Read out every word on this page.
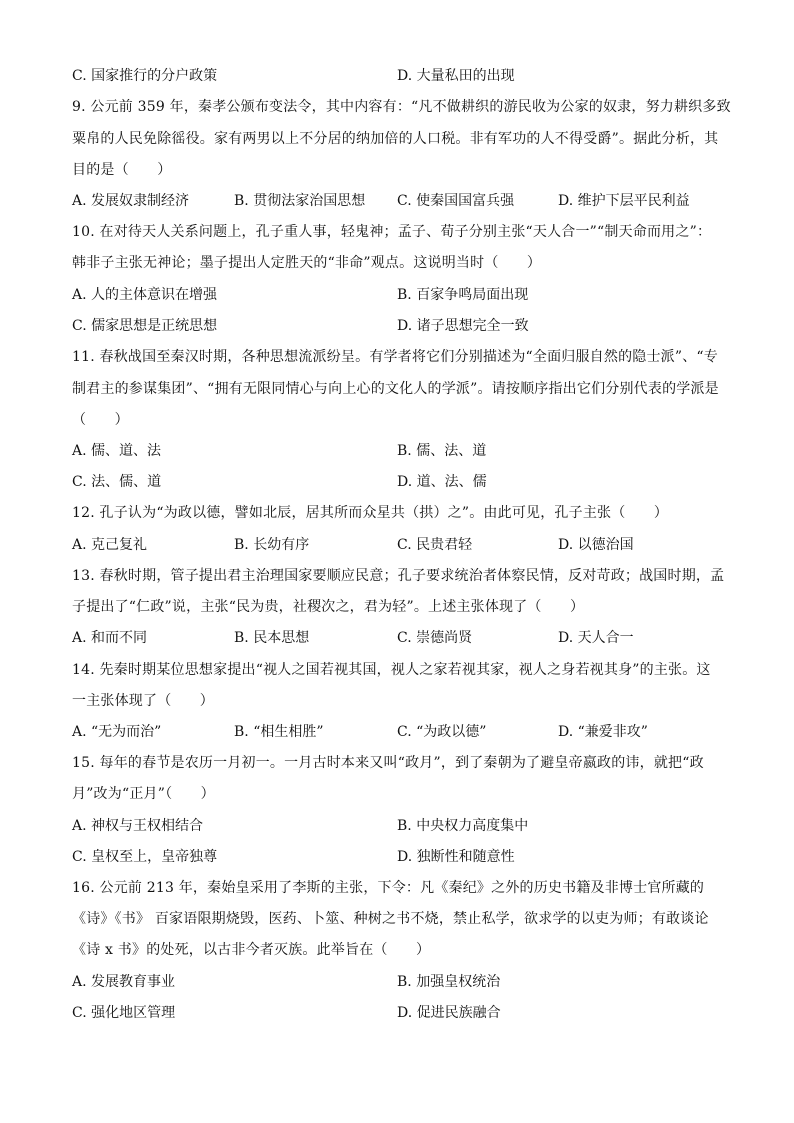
C. 国家推行的分户政策	D. 大量私田的出现
9. 公元前 359 年，秦孝公颁布变法令，其中内容有：“凡不做耕织的游民收为公家的奴隶，努力耕织多致
粟帛的人民免除徭役。家有两男以上不分居的纳加倍的人口税。非有军功的人不得受爵”。据此分析，其
目的是（　　）
A. 发展奴隶制经济	B. 贯彻法家治国思想 C. 使秦国国富兵强	D. 维护下层平民利益
10. 在对待天人关系问题上，孔子重人事，轻鬼神；孟子、荀子分别主张“天人合一”“制天命而用之”：
韩非子主张无神论；墨子提出人定胜天的“非命”观点。这说明当时（　　）
A. 人的主体意识在增强	B. 百家争鸣局面出现
C. 儒家思想是正统思想	D. 诸子思想完全一致
11. 春秋战国至秦汉时期，各种思想流派纷呈。有学者将它们分别描述为“全面归服自然的隐士派”、“专
制君主的参谋集团”、“拥有无限同情心与向上心的文化人的学派”。请按顺序指出它们分别代表的学派是
（　　）
A. 儒、道、法	B. 儒、法、道
C. 法、儒、道	D. 道、法、儒
12. 孔子认为“为政以德，譬如北辰，居其所而众星共（拱）之”。由此可见，孔子主张（　　）
A. 克己复礼	B. 长幼有序	C. 民贵君轻	D. 以德治国
13. 春秋时期，管子提出君主治理国家要顺应民意；孔子要求统治者体察民情，反对苛政；战国时期，孟
子提出了“仁政”说，主张“民为贵，社稷次之，君为轻”。上述主张体现了（　　）
A. 和而不同	B. 民本思想	C. 崇德尚贤	D. 天人合一
14. 先秦时期某位思想家提出“视人之国若视其国，视人之家若视其家，视人之身若视其身”的主张。这
一主张体现了（　　）
A. “无为而治”	B. “相生相胜”	C. “为政以德”	D. “兼爱非攻”
15. 每年的春节是农历一月初一。一月古时本来又叫“政月”，到了秦朝为了避皇帝嬴政的讳，就把“政
月”改为“正月”（　　）
A. 神权与王权相结合	B. 中央权力高度集中
C. 皇权至上，皇帝独尊	D. 独断性和随意性
16. 公元前 213 年，秦始皇采用了李斯的主张，下令：凡《秦纪》之外的历史书籍及非博士官所藏的
《诗》《书》 百家语限期烧毁，医药、卜筮、种树之书不烧，禁止私学，欲求学的以吏为师；有敢谈论
《诗 x 书》的处死，以古非今者灭族。此举旨在（　　）
A. 发展教育事业	B. 加强皇权统治
C. 强化地区管理	D. 促进民族融合
